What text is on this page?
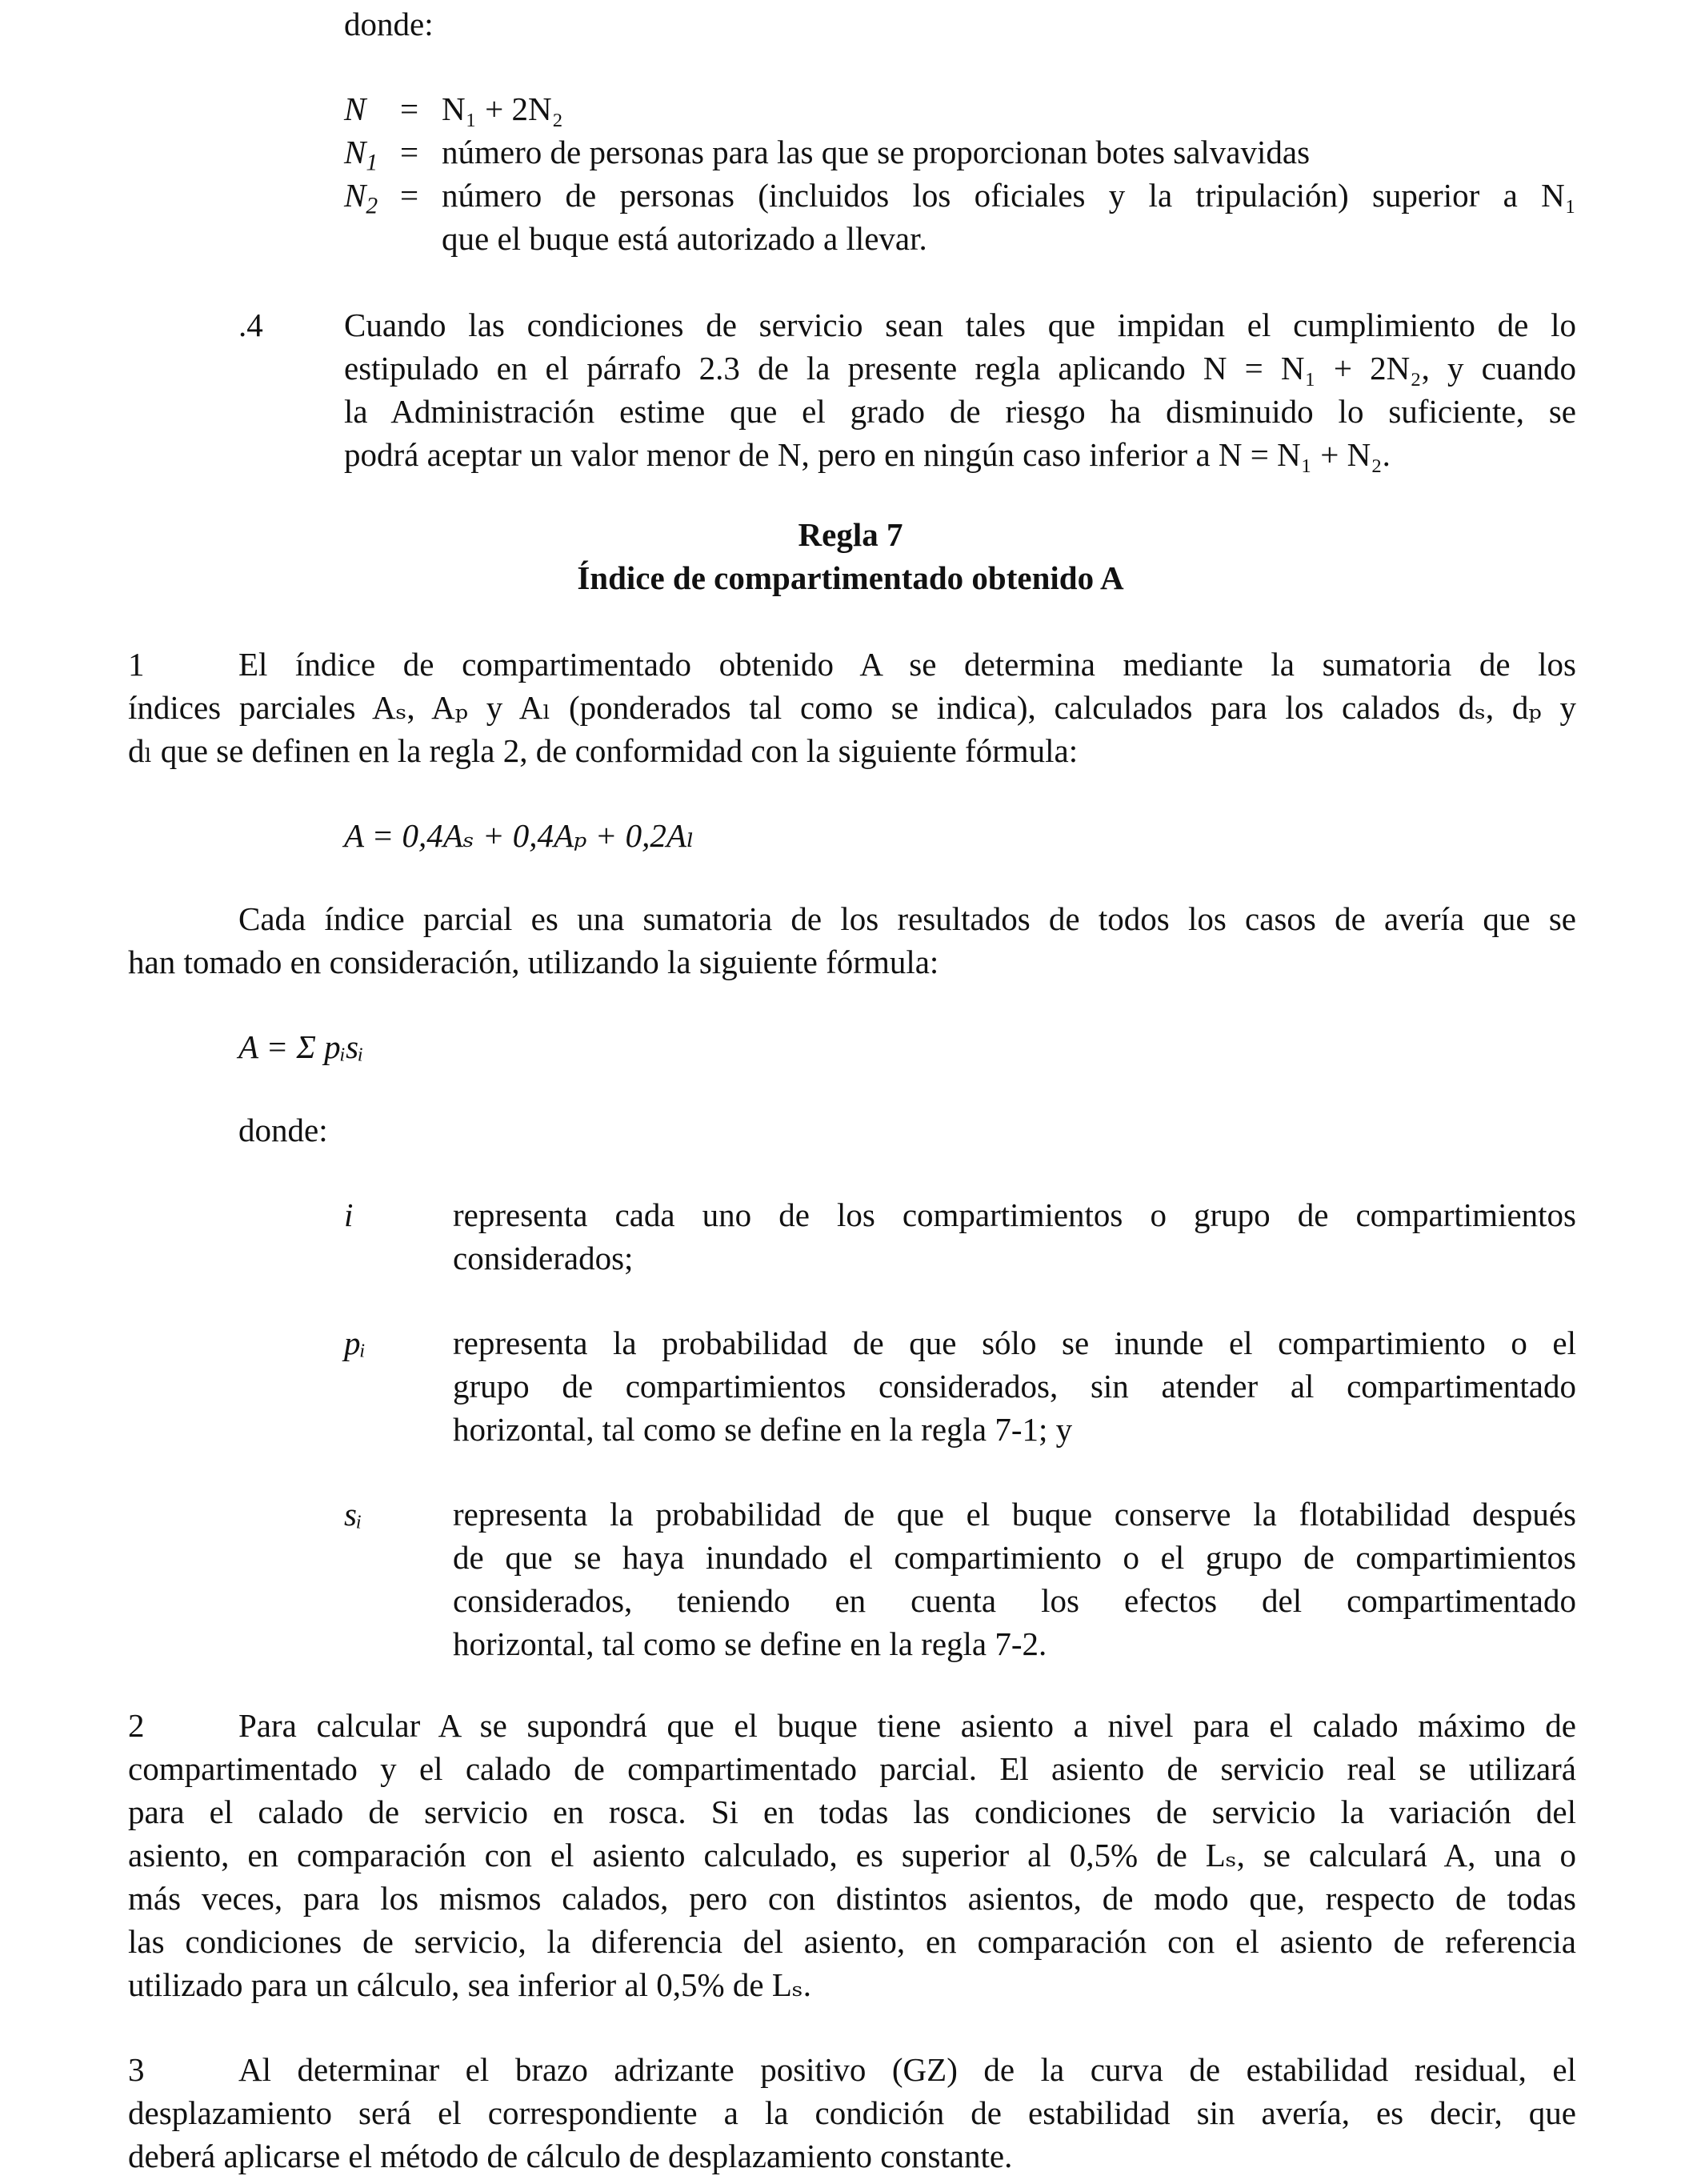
donde:
N = N₁ + 2N₂
$N_1$ = número de personas para las que se proporcionan botes salvavidas
$N_2$ = número de personas (incluidos los oficiales y la tripulación) superior a N₁
que el buque está autorizado a llevar.
.4 Cuando las condiciones de servicio sean tales que impidan el cumplimiento de lo
estipulado en el párrafo 2.3 de la presente regla aplicando N = N₁ + 2N₂, y cuando
la Administración estime que el grado de riesgo ha disminuido lo suficiente, se
podrá aceptar un valor menor de N, pero en ningún caso inferior a N = N₁ + N₂.
Regla 7
Índice de compartimentado obtenido A
1	El índice de compartimentado obtenido A se determina mediante la sumatoria de los
índices parciales Aₛ, Aₚ y Aₗ (ponderados tal como se indica), calculados para los calados dₛ, dₚ y
dₗ que se definen en la regla 2, de conformidad con la siguiente fórmula:
A = 0,4Aₛ + 0,4Aₚ + 0,2Aₗ
Cada índice parcial es una sumatoria de los resultados de todos los casos de avería que se
han tomado en consideración, utilizando la siguiente fórmula:
A = Σ pᵢsᵢ
donde:
i	representa cada uno de los compartimientos o grupo de compartimientos
considerados;
pᵢ	representa la probabilidad de que sólo se inunde el compartimiento o el
grupo de compartimientos considerados, sin atender al compartimentado
horizontal, tal como se define en la regla 7-1; y
sᵢ	representa la probabilidad de que el buque conserve la flotabilidad después
de que se haya inundado el compartimiento o el grupo de compartimientos
considerados, teniendo en cuenta los efectos del compartimentado
horizontal, tal como se define en la regla 7-2.
2	Para calcular A se supondrá que el buque tiene asiento a nivel para el calado máximo de
compartimentado y el calado de compartimentado parcial. El asiento de servicio real se utilizará
para el calado de servicio en rosca. Si en todas las condiciones de servicio la variación del
asiento, en comparación con el asiento calculado, es superior al 0,5% de Lₛ, se calculará A, una o
más veces, para los mismos calados, pero con distintos asientos, de modo que, respecto de todas
las condiciones de servicio, la diferencia del asiento, en comparación con el asiento de referencia
utilizado para un cálculo, sea inferior al 0,5% de Lₛ.
3	Al determinar el brazo adrizante positivo (GZ) de la curva de estabilidad residual, el
desplazamiento será el correspondiente a la condición de estabilidad sin avería, es decir, que
deberá aplicarse el método de cálculo de desplazamiento constante.
